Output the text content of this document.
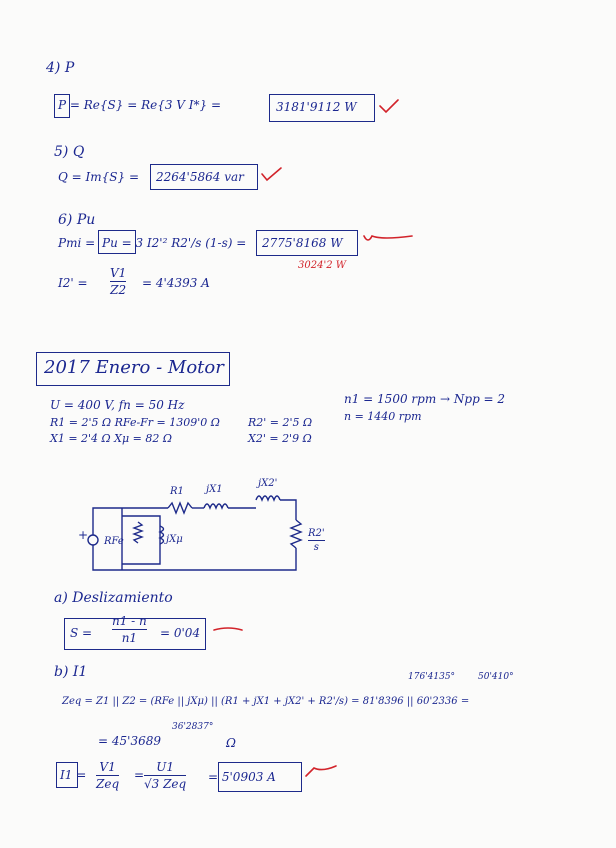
4) P
P = Re{S} = Re{3 V I*} =	3181'9112 W
5) Q
Q = Im{S} = 2264'5864 var
6) Pu
Pmi = Pu = 3 I2'² R2'/s (1-s) = 2775'8168 W
3024'2 W
I2' =
V1
Z2 = 4'4393 A
2017 Enero - Motor
U = 400 V, fn = 50 Hz
R1 = 2'5 Ω RFe-Fr = 1309'0 Ω
X1 = 2'4 Ω Xμ = 82 Ω
R2' = 2'5 Ω
X2' = 2'9 Ω
n1 = 1500 rpm → Npp = 2
n = 1440 rpm
+
R1 jX1
jX2'
RFe	jXμ
R2'
s
a) Deslizamiento
S =
n1 - n
n1 = 0'04
b) I1	176'4135°	50'410°
Zeq = Z1 || Z2 = (RFe || jXμ) || (R1 + jX1 + jX2' + R2'/s) = 81'8396 || 60'2336 =
= 45'3689
36'2837°
Ω
I1 =
V1
Zeq
=
U1
√3 Zeq = 5'0903 A
